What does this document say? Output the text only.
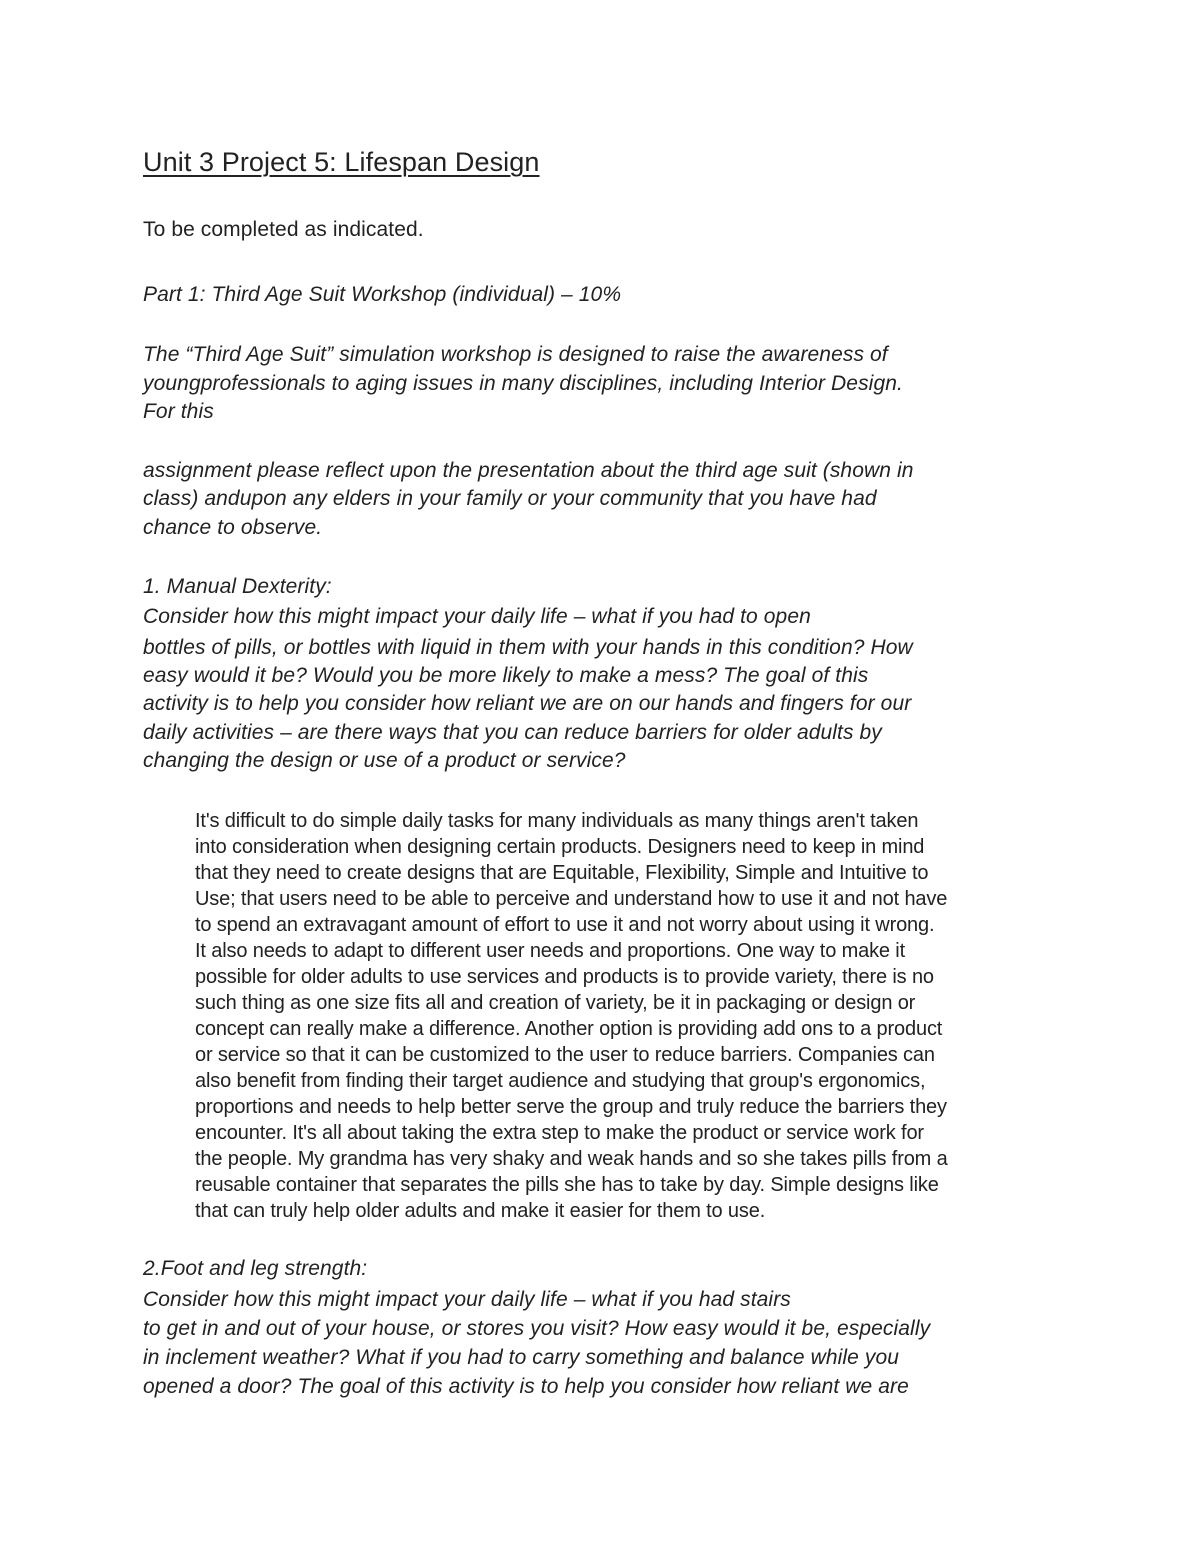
Unit 3 Project 5: Lifespan Design

To be completed as indicated.

Part 1: Third Age Suit Workshop (individual) – 10%

The “Third Age Suit” simulation workshop is designed to raise the awareness of

youngprofessionals to aging issues in many disciplines, including Interior Design.

For this

assignment please reflect upon the presentation about the third age suit (shown in

class) andupon any elders in your family or your community that you have had

chance to observe.

1. Manual Dexterity:

Consider how this might impact your daily life – what if you had to open

bottles of pills, or bottles with liquid in them with your hands in this condition? How

easy would it be? Would you be more likely to make a mess? The goal of this

activity is to help you consider how reliant we are on our hands and fingers for our

daily activities – are there ways that you can reduce barriers for older adults by

changing the design or use of a product or service?

It's difficult to do simple daily tasks for many individuals as many things aren't taken

into consideration when designing certain products. Designers need to keep in mind

that they need to create designs that are Equitable, Flexibility, Simple and Intuitive to

Use; that users need to be able to perceive and understand how to use it and not have

to spend an extravagant amount of effort to use it and not worry about using it wrong.

It also needs to adapt to different user needs and proportions. One way to make it

possible for older adults to use services and products is to provide variety, there is no

such thing as one size fits all and creation of variety, be it in packaging or design or

concept can really make a difference. Another option is providing add ons to a product

or service so that it can be customized to the user to reduce barriers. Companies can

also benefit from finding their target audience and studying that group's ergonomics,

proportions and needs to help better serve the group and truly reduce the barriers they

encounter. It's all about taking the extra step to make the product or service work for

the people. My grandma has very shaky and weak hands and so she takes pills from a

reusable container that separates the pills she has to take by day. Simple designs like

that can truly help older adults and make it easier for them to use.

2.Foot and leg strength:

Consider how this might impact your daily life – what if you had stairs

to get in and out of your house, or stores you visit? How easy would it be, especially

in inclement weather? What if you had to carry something and balance while you

opened a door? The goal of this activity is to help you consider how reliant we are
